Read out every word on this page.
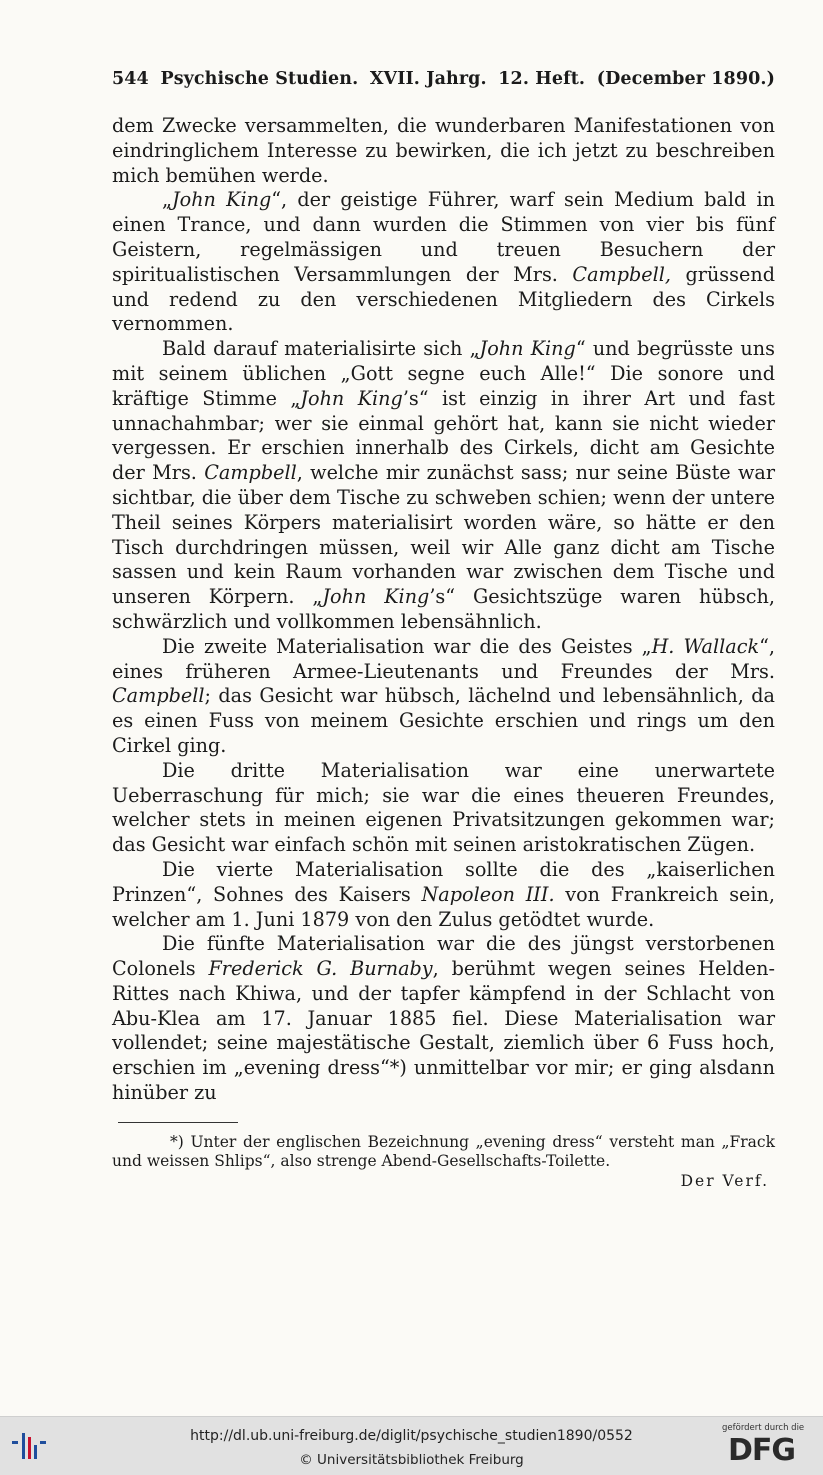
544 Psychische Studien. XVII. Jahrg. 12. Heft. (December 1890.)

dem Zwecke versammelten, die wunderbaren Manifestationen von eindringlichem Interesse zu bewirken, die ich jetzt zu beschreiben mich bemühen werde.

„John King“, der geistige Führer, warf sein Medium bald in einen Trance, und dann wurden die Stimmen von vier bis fünf Geistern, regelmässigen und treuen Besuchern der spiritualistischen Versammlungen der Mrs. Campbell, grüssend und redend zu den verschiedenen Mitgliedern des Cirkels vernommen.

Bald darauf materialisirte sich „John King“ und begrüsste uns mit seinem üblichen „Gott segne euch Alle!“ Die sonore und kräftige Stimme „John King’s“ ist einzig in ihrer Art und fast unnachahmbar; wer sie einmal gehört hat, kann sie nicht wieder vergessen. Er erschien innerhalb des Cirkels, dicht am Gesichte der Mrs. Campbell, welche mir zunächst sass; nur seine Büste war sichtbar, die über dem Tische zu schweben schien; wenn der untere Theil seines Körpers materialisirt worden wäre, so hätte er den Tisch durchdringen müssen, weil wir Alle ganz dicht am Tische sassen und kein Raum vorhanden war zwischen dem Tische und unseren Körpern. „John King’s“ Gesichtszüge waren hübsch, schwärzlich und vollkommen lebensähnlich.

Die zweite Materialisation war die des Geistes „H. Wallack“, eines früheren Armee-Lieutenants und Freundes der Mrs. Campbell; das Gesicht war hübsch, lächelnd und lebensähnlich, da es einen Fuss von meinem Gesichte erschien und rings um den Cirkel ging.

Die dritte Materialisation war eine unerwartete Ueberraschung für mich; sie war die eines theueren Freundes, welcher stets in meinen eigenen Privatsitzungen gekommen war; das Gesicht war einfach schön mit seinen aristokratischen Zügen.

Die vierte Materialisation sollte die des „kaiserlichen Prinzen“, Sohnes des Kaisers Napoleon III. von Frankreich sein, welcher am 1. Juni 1879 von den Zulus getödtet wurde.

Die fünfte Materialisation war die des jüngst verstorbenen Colonels Frederick G. Burnaby, berühmt wegen seines Helden-Rittes nach Khiwa, und der tapfer kämpfend in der Schlacht von Abu-Klea am 17. Januar 1885 fiel. Diese Materialisation war vollendet; seine majestätische Gestalt, ziemlich über 6 Fuss hoch, erschien im „evening dress“*) unmittelbar vor mir; er ging alsdann hinüber zu

*) Unter der englischen Bezeichnung „evening dress“ versteht man „Frack und weissen Shlips“, also strenge Abend-Gesellschafts-Toilette.
Der Verf.
http://dl.ub.uni-freiburg.de/diglit/psychische_studien1890/0552
© Universitätsbibliothek Freiburg
gefördert durch die
DFG
